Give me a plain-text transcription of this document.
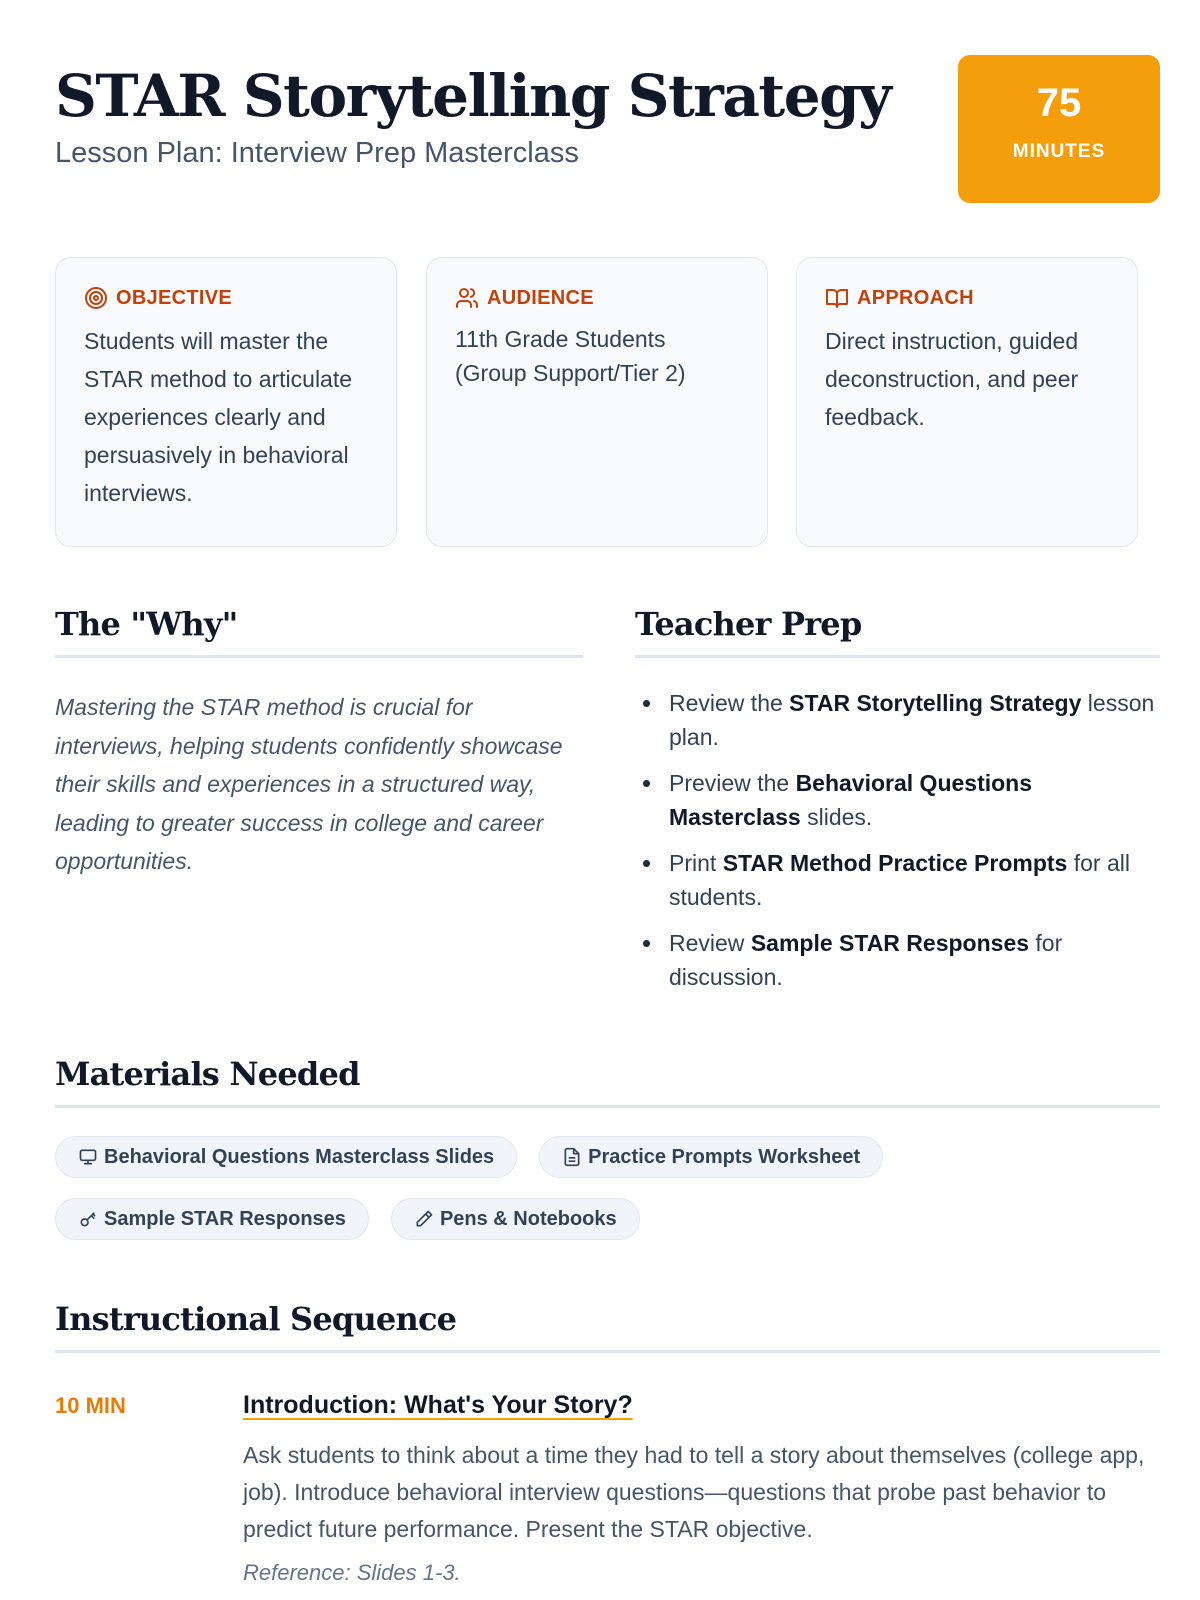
STAR Storytelling Strategy
Lesson Plan: Interview Prep Masterclass
75
MINUTES
OBJECTIVE
Students will master the STAR method to articulate experiences clearly and persuasively in behavioral interviews.
AUDIENCE
11th Grade Students (Group Support/Tier 2)
APPROACH
Direct instruction, guided deconstruction, and peer feedback.
The "Why"

Mastering the STAR method is crucial for interviews, helping students confidently showcase their skills and experiences in a structured way, leading to greater success in college and career opportunities.

Teacher Prep
Review the STAR Storytelling Strategy lesson plan.
Preview the Behavioral Questions Masterclass slides.
Print STAR Method Practice Prompts for all students.
Review Sample STAR Responses for discussion.
Materials Needed
Behavioral Questions Masterclass Slides	Practice Prompts Worksheet
Sample STAR Responses	Pens & Notebooks
Instructional Sequence
10 MIN	Introduction: What's Your Story?

Ask students to think about a time they had to tell a story about themselves (college app, job). Introduce behavioral interview questions—questions that probe past behavior to predict future performance. Present the STAR objective.

Reference: Slides 1-3.
